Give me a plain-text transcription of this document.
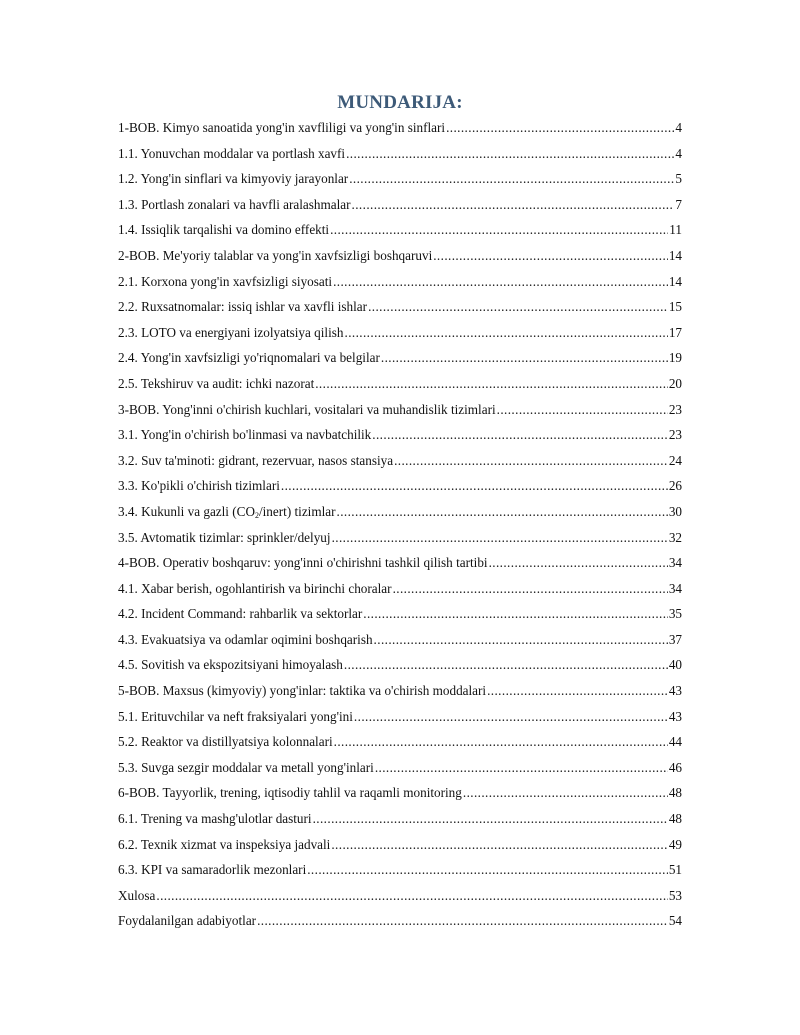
MUNDARIJA:
1-BOB. Kimyo sanoatida yong'in xavfliligi va yong'in sinflari .....	4
1.1. Yonuvchan moddalar va portlash xavfi .....	4
1.2. Yong'in sinflari va kimyoviy jarayonlar .....	5
1.3. Portlash zonalari va havfli aralashmalar .....	7
1.4. Issiqlik tarqalishi va domino effekti .....	11
2-BOB. Me'yoriy talablar va yong'in xavfsizligi boshqaruvi .....	14
2.1. Korxona yong'in xavfsizligi siyosati .....	14
2.2. Ruxsatnomalar: issiq ishlar va xavfli ishlar .....	15
2.3. LOTO va energiyani izolyatsiya qilish .....	17
2.4. Yong'in xavfsizligi yo'riqnomalari va belgilar .....	19
2.5. Tekshiruv va audit: ichki nazorat .....	20
3-BOB. Yong'inni o'chirish kuchlari, vositalari va muhandislik tizimlari .....	23
3.1. Yong'in o'chirish bo'linmasi va navbatchilik .....	23
3.2. Suv ta'minoti: gidrant, rezervuar, nasos stansiya .....	24
3.3. Ko'pikli o'chirish tizimlari .....	26
3.4. Kukunli va gazli $(CO_2/inert)$ tizimlar .....	30
3.5. Avtomatik tizimlar: sprinkler/delyuj .....	32
4-BOB. Operativ boshqaruv: yong'inni o'chirishni tashkil qilish tartibi .....	34
4.1. Xabar berish, ogohlantirish va birinchi choralar .....	34
4.2. Incident Command: rahbarlik va sektorlar .....	35
4.3. Evakuatsiya va odamlar oqimini boshqarish .....	37
4.5. Sovitish va ekspozitsiyani himoyalash .....	40
5-BOB. Maxsus (kimyoviy) yong'inlar: taktika va o'chirish moddalari .....	43
5.1. Erituvchilar va neft fraksiyalari yong'ini .....	43
5.2. Reaktor va distillyatsiya kolonnalari .....	44
5.3. Suvga sezgir moddalar va metall yong'inlari .....	46
6-BOB. Tayyorlik, trening, iqtisodiy tahlil va raqamli monitoring .....	48
6.1. Trening va mashg'ulotlar dasturi .....	48
6.2. Texnik xizmat va inspeksiya jadvali .....	49
6.3. KPI va samaradorlik mezonlari .....	51
Xulosa .....	53
Foydalanilgan adabiyotlar .....	54
